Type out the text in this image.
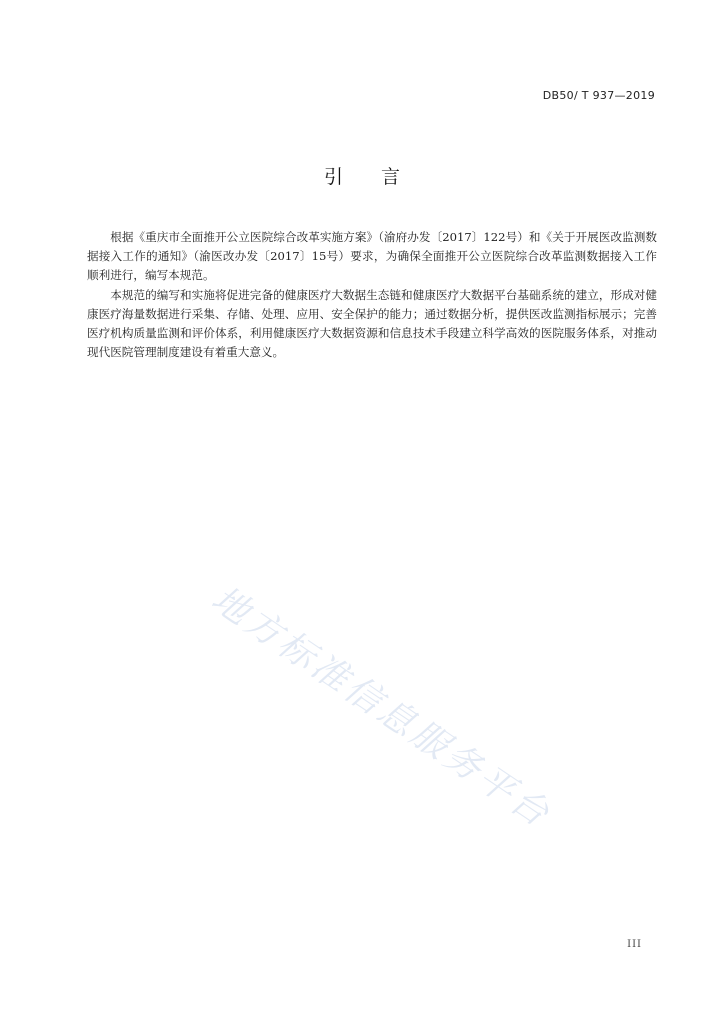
DB50/ T 937—2019
引言

根据《重庆市全面推开公立医院综合改革实施方案》（渝府办发〔2017〕122号）和《关于开展医改监测数据接入工作的通知》（渝医改办发〔2017〕15号）要求，为确保全面推开公立医院综合改革监测数据接入工作顺利进行，编写本规范。

本规范的编写和实施将促进完备的健康医疗大数据生态链和健康医疗大数据平台基础系统的建立，形成对健康医疗海量数据进行采集、存储、处理、应用、安全保护的能力；通过数据分析，提供医改监测指标展示；完善医疗机构质量监测和评价体系，利用健康医疗大数据资源和信息技术手段建立科学高效的医院服务体系，对推动现代医院管理制度建设有着重大意义。

地方标准信息服务平台
III
